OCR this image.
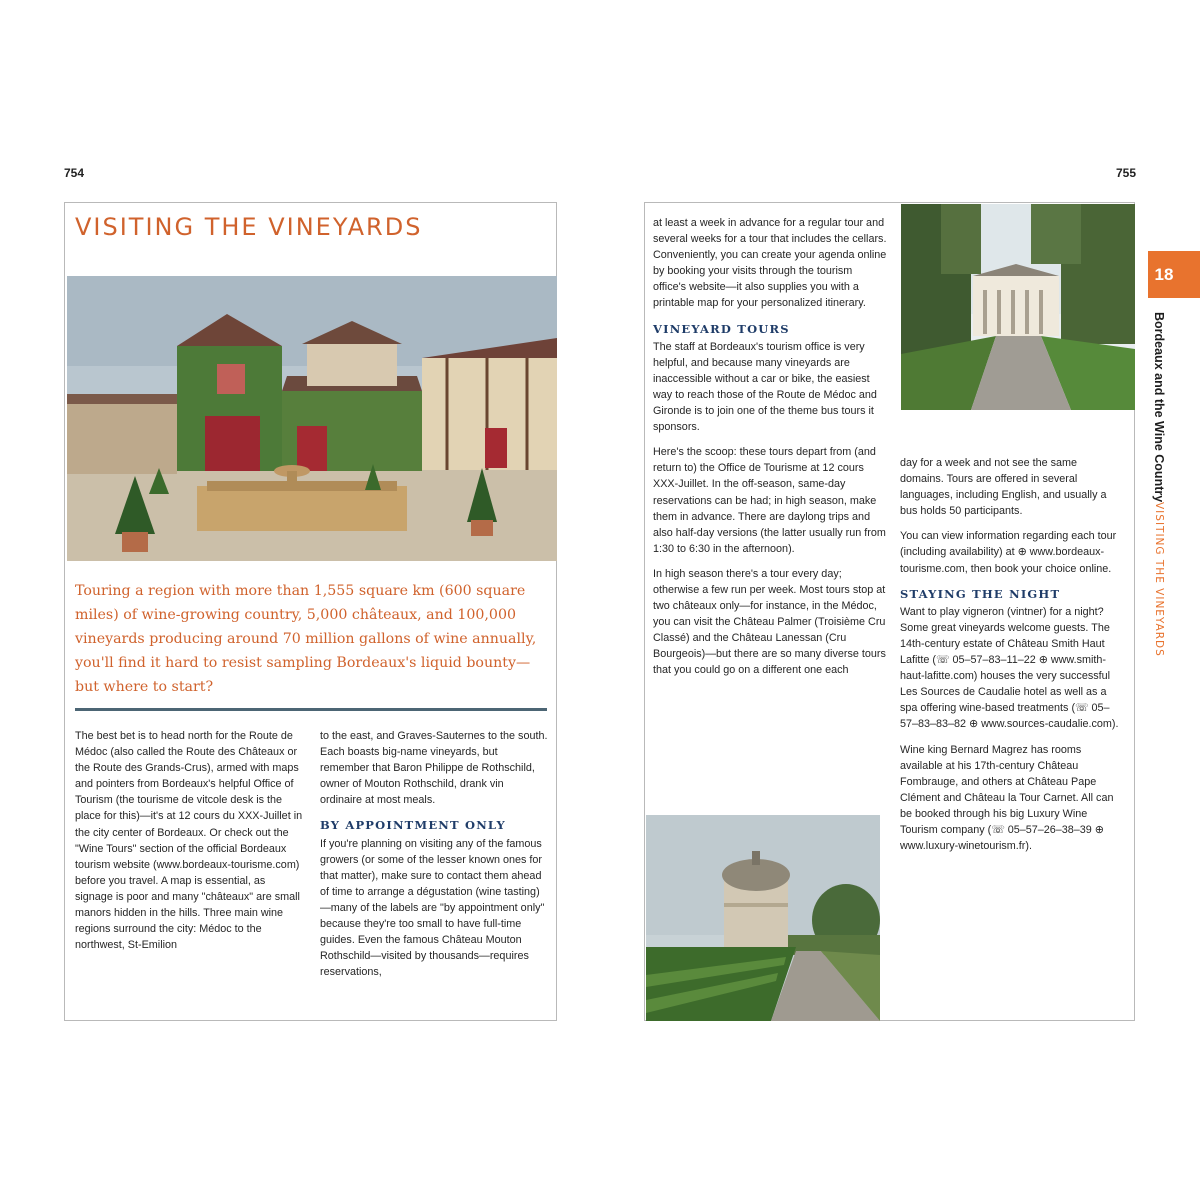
754	755
VISITING THE VINEYARDS

Touring a region with more than 1,555 square km (600 square miles) of wine-growing country, 5,000 châteaux, and 100,000 vineyards producing around 70 million gallons of wine annually, you'll find it hard to resist sampling Bordeaux's liquid bounty—but where to start?

The best bet is to head north for the Route de Médoc (also called the Route des Châteaux or the Route des Grands-Crus), armed with maps and pointers from Bordeaux's helpful Office of Tourism (the tourisme de vitcole desk is the place for this)—it's at 12 cours du XXX-Juillet in the city center of Bordeaux. Or check out the "Wine Tours" section of the official Bordeaux tourism website (www.bordeaux-tourisme.com) before you travel. A map is essential, as signage is poor and many "châteaux" are small manors hidden in the hills. Three main wine regions surround the city: Médoc to the northwest, St-Emilion

to the east, and Graves-Sauternes to the south. Each boasts big-name vineyards, but remember that Baron Philippe de Rothschild, owner of Mouton Rothschild, drank vin ordinaire at most meals.

BY APPOINTMENT ONLY

If you're planning on visiting any of the famous growers (or some of the lesser known ones for that matter), make sure to contact them ahead of time to arrange a dégustation (wine tasting)—many of the labels are "by appointment only" because they're too small to have full-time guides. Even the famous Château Mouton Rothschild—visited by thousands—requires reservations,

at least a week in advance for a regular tour and several weeks for a tour that includes the cellars. Conveniently, you can create your agenda online by booking your visits through the tourism office's website—it also supplies you with a printable map for your personalized itinerary.

VINEYARD TOURS

The staff at Bordeaux's tourism office is very helpful, and because many vineyards are inaccessible without a car or bike, the easiest way to reach those of the Route de Médoc and Gironde is to join one of the theme bus tours it sponsors.

Here's the scoop: these tours depart from (and return to) the Office de Tourisme at 12 cours XXX-Juillet. In the off-season, same-day reservations can be had; in high season, make them in advance. There are daylong trips and also half-day versions (the latter usually run from 1:30 to 6:30 in the afternoon).

In high season there's a tour every day; otherwise a few run per week. Most tours stop at two châteaux only—for instance, in the Médoc, you can visit the Château Palmer (Troisième Cru Classé) and the Château Lanessan (Cru Bourgeois)—but there are so many diverse tours that you could go on a different one each

day for a week and not see the same domains. Tours are offered in several languages, including English, and usually a bus holds 50 participants.

You can view information regarding each tour (including availability) at ⊕ www.bordeaux-tourisme.com, then book your choice online.

STAYING THE NIGHT

Want to play vigneron (vintner) for a night? Some great vineyards welcome guests. The 14th-century estate of Château Smith Haut Lafitte (☏ 05–57–83–11–22 ⊕ www.smith-haut-lafitte.com) houses the very successful Les Sources de Caudalie hotel as well as a spa offering wine-based treatments (☏ 05–57–83–83–82 ⊕ www.sources-caudalie.com).

Wine king Bernard Magrez has rooms available at his 17th-century Château Fombrauge, and others at Château Pape Clément and Château la Tour Carnet. All can be booked through his big Luxury Wine Tourism company (☏ 05–57–26–38–39 ⊕ www.luxury-winetourism.fr).

18
Bordeaux and the Wine Country
VISITING THE VINEYARDS
